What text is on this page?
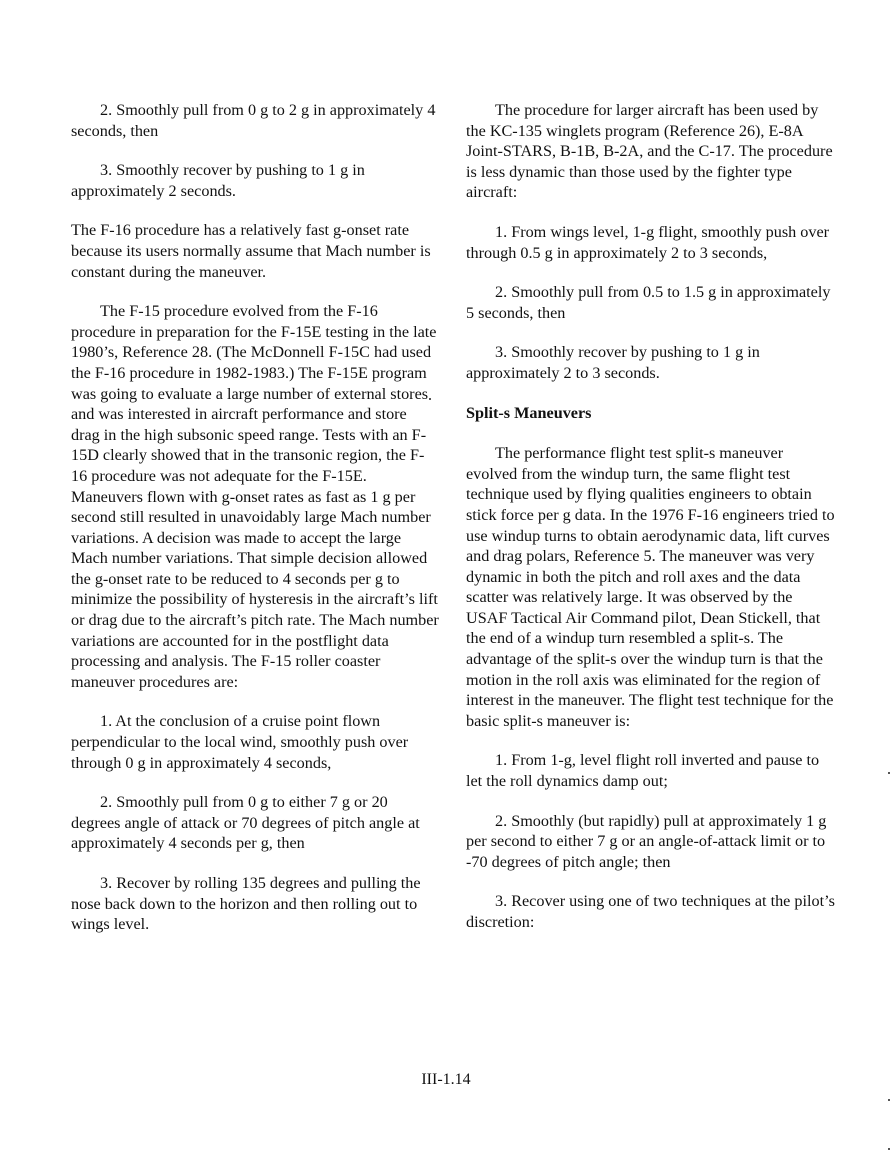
2. Smoothly pull from 0 g to 2 g in approximately 4 seconds, then

3. Smoothly recover by pushing to 1 g in approximately 2 seconds.

The F-16 procedure has a relatively fast g-onset rate because its users normally assume that Mach number is constant during the maneuver.

The F-15 procedure evolved from the F-16 procedure in preparation for the F-15E testing in the late 1980’s, Reference 28. (The McDonnell F-15C had used the F-16 procedure in 1982-1983.) The F-15E program was going to evaluate a large number of external stores and was interested in aircraft performance and store drag in the high subsonic speed range. Tests with an F-15D clearly showed that in the transonic region, the F-16 procedure was not adequate for the F-15E. Maneuvers flown with g-onset rates as fast as 1 g per second still resulted in unavoidably large Mach number variations. A decision was made to accept the large Mach number variations. That simple decision allowed the g-onset rate to be reduced to 4 seconds per g to minimize the possibility of hysteresis in the aircraft’s lift or drag due to the aircraft’s pitch rate. The Mach number variations are accounted for in the postflight data processing and analysis. The F-15 roller coaster maneuver procedures are:

1. At the conclusion of a cruise point flown perpendicular to the local wind, smoothly push over through 0 g in approximately 4 seconds,

2. Smoothly pull from 0 g to either 7 g or 20 degrees angle of attack or 70 degrees of pitch angle at approximately 4 seconds per g, then

3. Recover by rolling 135 degrees and pulling the nose back down to the horizon and then rolling out to wings level.

The procedure for larger aircraft has been used by the KC-135 winglets program (Reference 26), E-8A Joint-STARS, B-1B, B-2A, and the C-17. The procedure is less dynamic than those used by the fighter type aircraft:

1. From wings level, 1-g flight, smoothly push over through 0.5 g in approximately 2 to 3 seconds,

2. Smoothly pull from 0.5 to 1.5 g in approximately 5 seconds, then

3. Smoothly recover by pushing to 1 g in approximately 2 to 3 seconds.

Split-s Maneuvers

The performance flight test split-s maneuver evolved from the windup turn, the same flight test technique used by flying qualities engineers to obtain stick force per g data. In the 1976 F-16 engineers tried to use windup turns to obtain aerodynamic data, lift curves and drag polars, Reference 5. The maneuver was very dynamic in both the pitch and roll axes and the data scatter was relatively large. It was observed by the USAF Tactical Air Command pilot, Dean Stickell, that the end of a windup turn resembled a split-s. The advantage of the split-s over the windup turn is that the motion in the roll axis was eliminated for the region of interest in the maneuver. The flight test technique for the basic split-s maneuver is:

1. From 1-g, level flight roll inverted and pause to let the roll dynamics damp out;

2. Smoothly (but rapidly) pull at approximately 1 g per second to either 7 g or an angle-of-attack limit or to -70 degrees of pitch angle; then

3. Recover using one of two techniques at the pilot’s discretion:

III-1.14
